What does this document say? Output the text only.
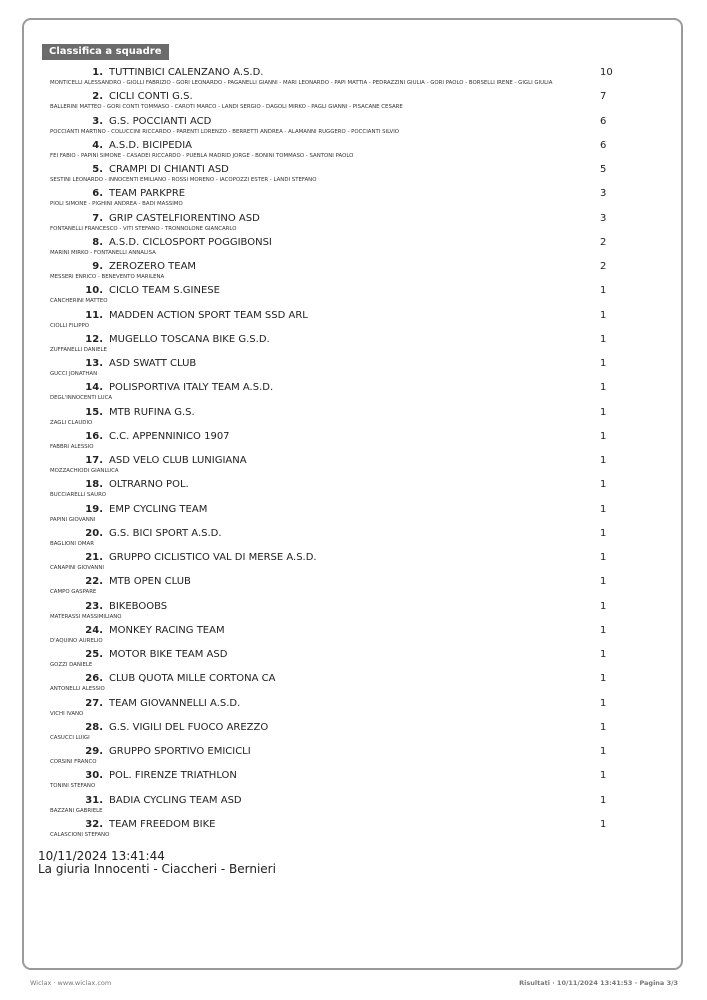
Classifica a squadre
1. TUTTINBICI CALENZANO A.S.D.	10
MONTICELLI ALESSANDRO - GIOLLI FABRIZIO - GORI LEONARDO - PAGANELLI GIANNI - MARI LEONARDO - PAPI MATTIA - PEDRAZZINI GIULIA - GORI PAOLO - BORSELLI IRENE - GIGLI GIULIA
2. CICLI CONTI G.S.	7
BALLERINI MATTEO - GORI CONTI TOMMASO - CAROTI MARCO - LANDI SERGIO - DAGOLI MIRKO - PAGLI GIANNI - PISACANE CESARE
3. G.S. POCCIANTI ACD	6
POCCIANTI MARTINO - COLUCCINI RICCARDO - PARENTI LORENZO - BERRETTI ANDREA - ALAMANNI RUGGERO - POCCIANTI SILVIO
4. A.S.D. BICIPEDIA	6
FEI FABIO - PAPINI SIMONE - CASADEI RICCARDO - PUEBLA MADRID JORGE - BONINI TOMMASO - SANTONI PAOLO
5. CRAMPI DI CHIANTI ASD	5
SESTINI LEONARDO - INNOCENTI EMILIANO - ROSSI MORENO - IACOPOZZI ESTER - LANDI STEFANO
6. TEAM PARKPRE	3
PIOLI SIMONE - PIGHINI ANDREA - BADI MASSIMO
7. GRIP CASTELFIORENTINO ASD	3
FONTANELLI FRANCESCO - VITI STEFANO - TRONNOLONE GIANCARLO
8. A.S.D. CICLOSPORT POGGIBONSI	2
MARINI MIRKO - FONTANELLI ANNALISA
9. ZEROZERO TEAM	2
MESSERI ENRICO - BENEVENTO MARILENA
10. CICLO TEAM S.GINESE	1
CANCHERINI MATTEO
11. MADDEN ACTION SPORT TEAM SSD ARL	1
CIOLLI FILIPPO
12. MUGELLO TOSCANA BIKE G.S.D.	1
ZUFFANELLI DANIELE
13. ASD SWATT CLUB	1
GUCCI JONATHAN
14. POLISPORTIVA ITALY TEAM A.S.D.	1
DEGL'INNOCENTI LUCA
15. MTB RUFINA G.S.	1
ZAGLI CLAUDIO
16. C.C. APPENNINICO 1907	1
FABBRI ALESSIO
17. ASD VELO CLUB LUNIGIANA	1
MOZZACHIODI GIANLUCA
18. OLTRARNO POL.	1
BUCCIARELLI SAURO
19. EMP CYCLING TEAM	1
PAPINI GIOVANNI
20. G.S. BICI SPORT A.S.D.	1
BAGLIONI OMAR
21. GRUPPO CICLISTICO VAL DI MERSE A.S.D.	1
CANAPINI GIOVANNI
22. MTB OPEN CLUB	1
CAMPO GASPARE
23. BIKEBOOBS	1
MATERASSI MASSIMILIANO
24. MONKEY RACING TEAM	1
D'AQUINO AURELIO
25. MOTOR BIKE TEAM ASD	1
GOZZI DANIELE
26. CLUB QUOTA MILLE CORTONA CA	1
ANTONELLI ALESSIO
27. TEAM GIOVANNELLI A.S.D.	1
VICHI IVANO
28. G.S. VIGILI DEL FUOCO AREZZO	1
CASUCCI LUIGI
29. GRUPPO SPORTIVO EMICICLI	1
CORSINI FRANCO
30. POL. FIRENZE TRIATHLON	1
TONINI STEFANO
31. BADIA CYCLING TEAM ASD	1
BAZZANI GABRIELE
32. TEAM FREEDOM BIKE	1
CALASCIONI STEFANO
10/11/2024 13:41:44
La giuria Innocenti - Ciaccheri - Bernieri
Wiclax · www.wiclax.com	Risultati · 10/11/2024 13:41:53 · Pagina 3/3
